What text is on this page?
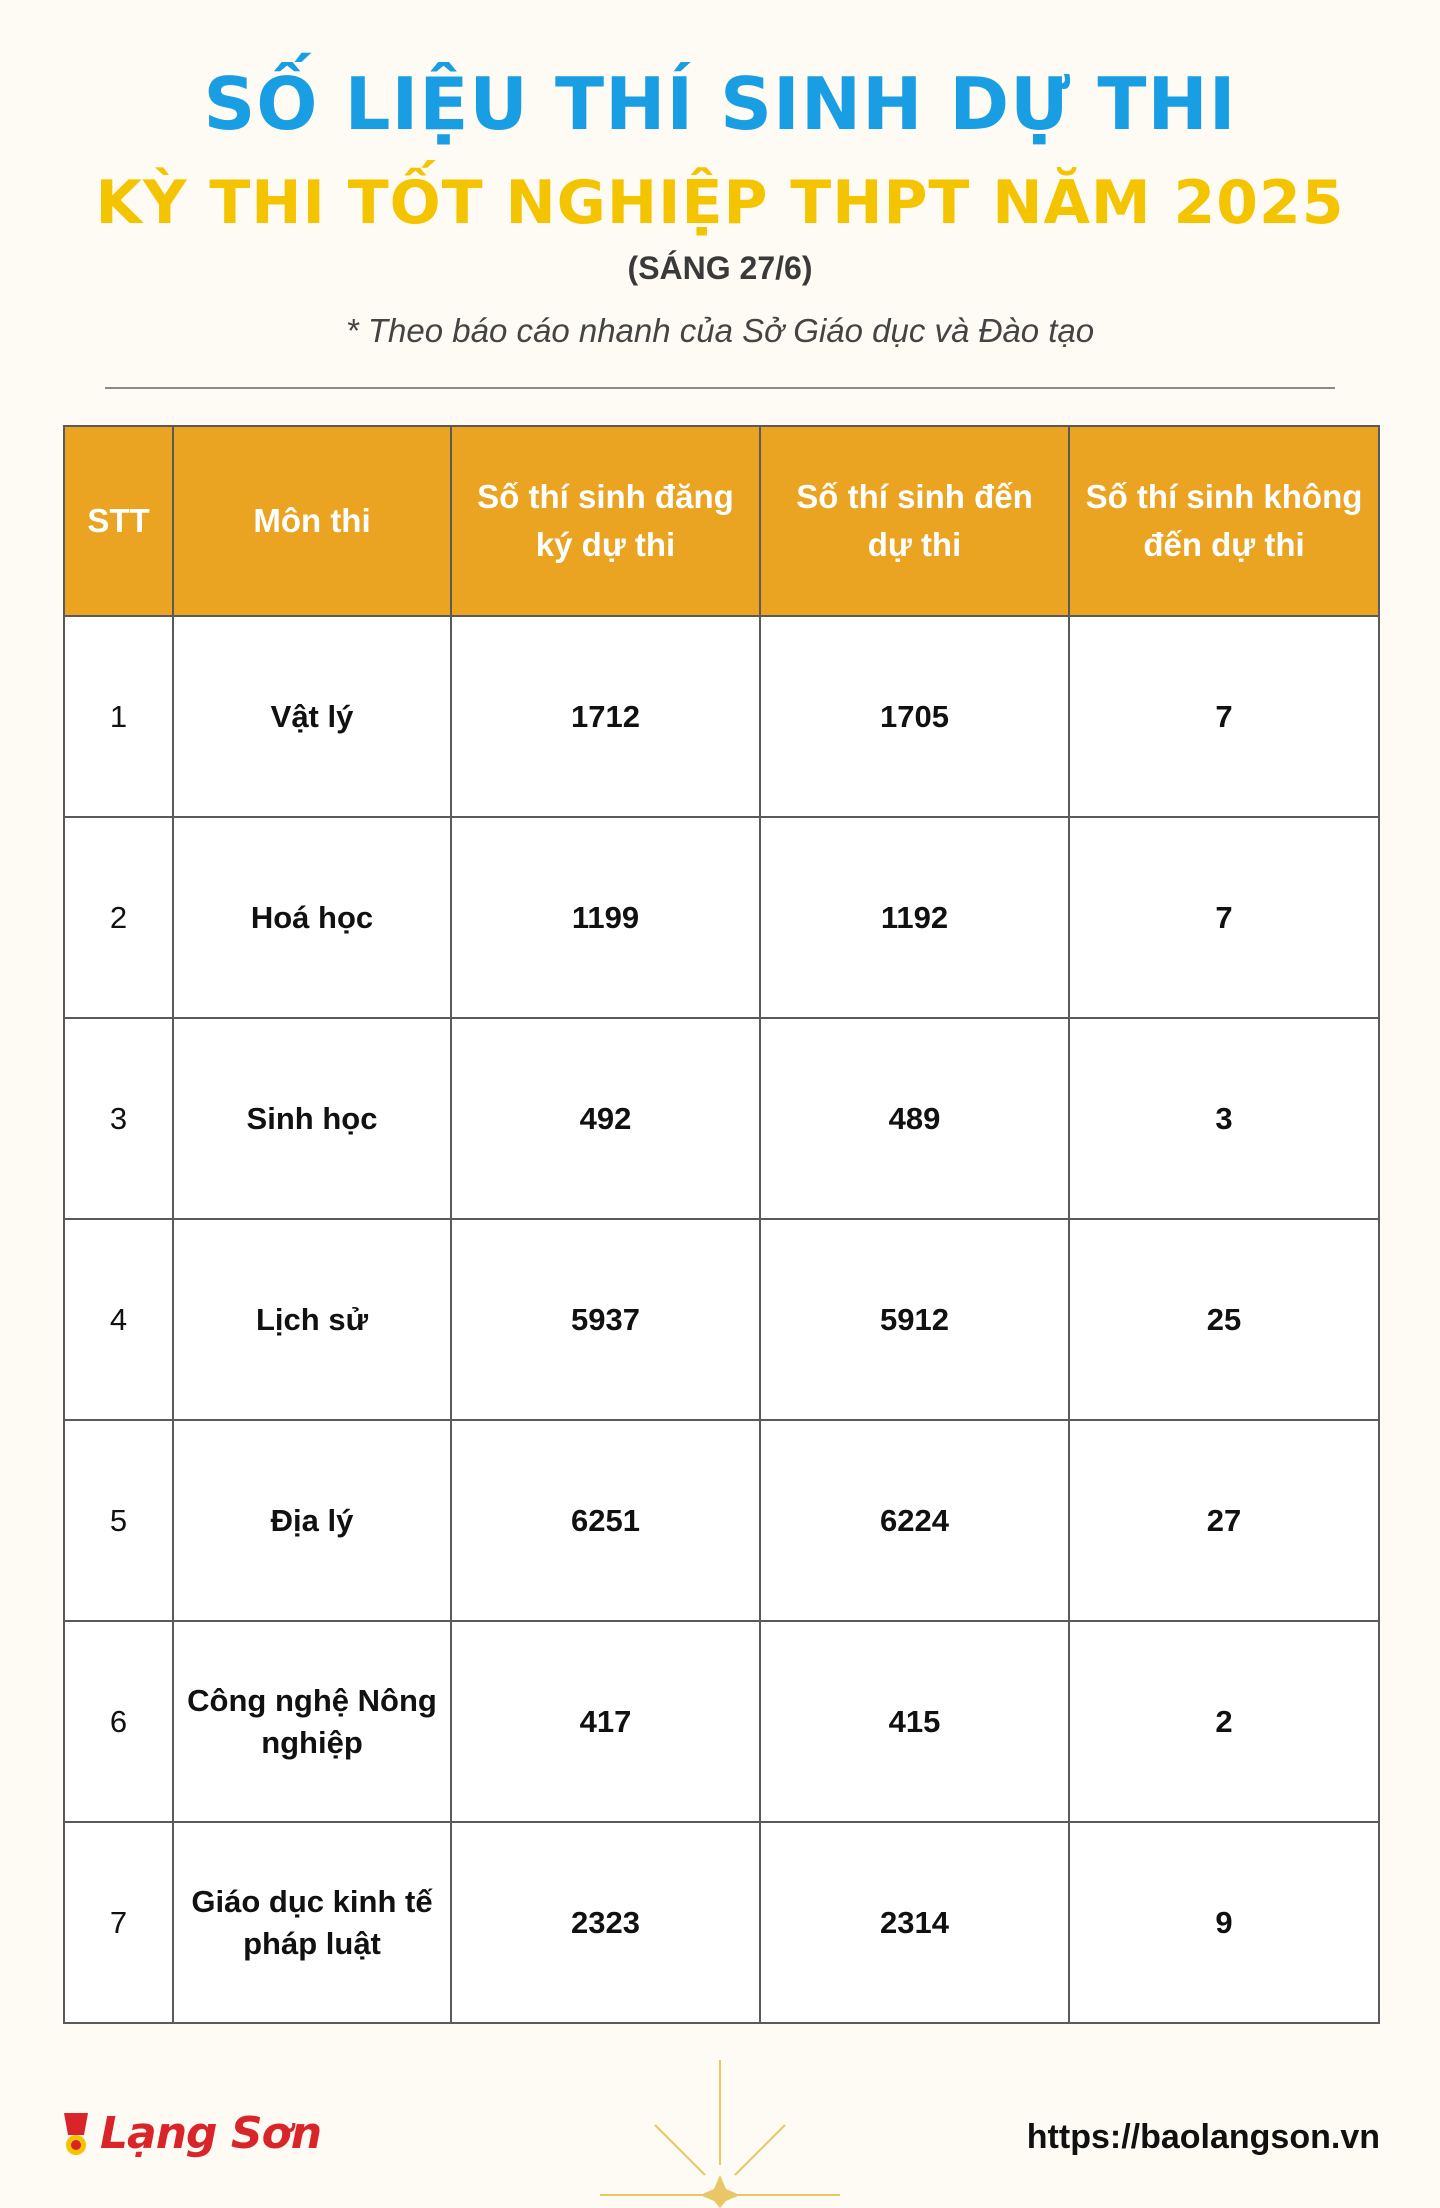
SỐ LIỆU THÍ SINH DỰ THI
KỲ THI TỐT NGHIỆP THPT NĂM 2025
(SÁNG 27/6)
* Theo báo cáo nhanh của Sở Giáo dục và Đào tạo
STT	Môn thi	Số thí sinh đăng ký dự thi	Số thí sinh đến dự thi	Số thí sinh không đến dự thi
1	Vật lý	1712	1705	7
2	Hoá học	1199	1192	7
3	Sinh học	492	489	3
4	Lịch sử	5937	5912	25
5	Địa lý	6251	6224	27
6	Công nghệ Nông nghiệp	417	415	2
7	Giáo dục kinh tế pháp luật	2323	2314	9
Lạng Sơn	https://baolangson.vn
